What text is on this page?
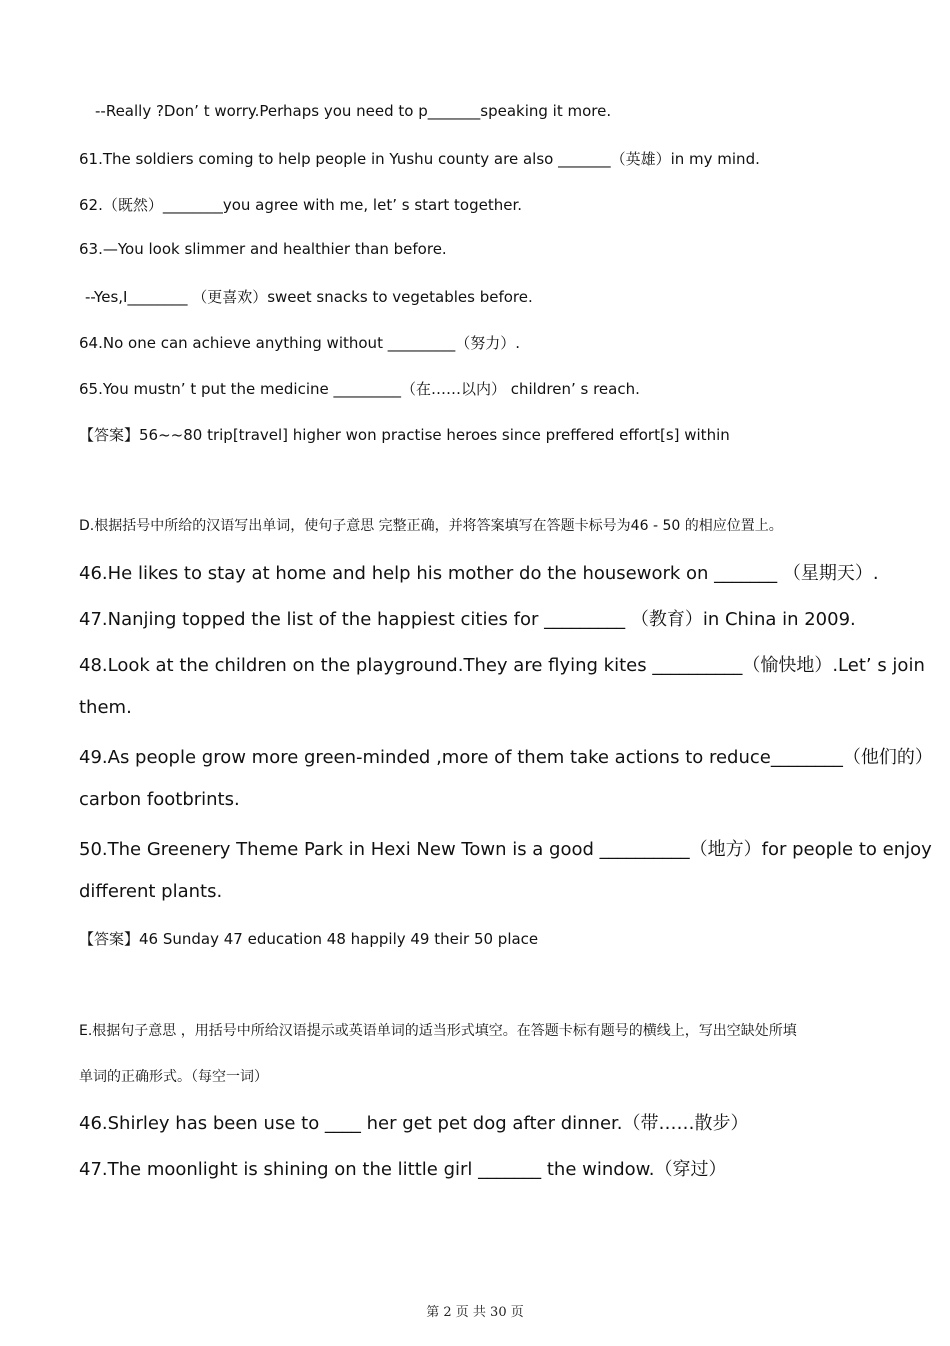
--Really ?Don’ t worry.Perhaps you need to p_______speaking it more.
61.The soldiers coming to help people in Yushu county are also _______（英雄）in my mind.
62.（既然）________you agree with me, let’ s start together.
63.—You look slimmer and healthier than before.
--Yes,I________ （更喜欢）sweet snacks to vegetables before.
64.No one can achieve anything without _________（努力）.
65.You mustn’ t put the medicine _________（在……以内） children’ s reach.
【答案】56~~80 trip[travel] higher won practise heroes since preffered effort[s] within
D.根据括号中所给的汉语写出单词，使句子意思 完整正确，并将答案填写在答题卡标号为46 - 50 的相应位置上。
46.He likes to stay at home and help his mother do the housework on _______ （星期天）.
47.Nanjing topped the list of the happiest cities for _________ （教育）in China in 2009.
48.Look at the children on the playground.They are flying kites __________（愉快地）.Let’ s join
them.
49.As people grow more green-minded ,more of them take actions to reduce________（他们的）
carbon footbrints.
50.The Greenery Theme Park in Hexi New Town is a good __________（地方）for people to enjoy
different plants.
【答案】46 Sunday 47 education 48 happily 49 their 50 place
E.根据句子意思 ，用括号中所给汉语提示或英语单词的适当形式填空。在答题卡标有题号的横线上，写出空缺处所填
单词的正确形式。（每空一词）
46.Shirley has been use to ____ her get pet dog after dinner.（带……散步）
47.The moonlight is shining on the little girl _______ the window.（穿过）
第 2 页 共 30 页
